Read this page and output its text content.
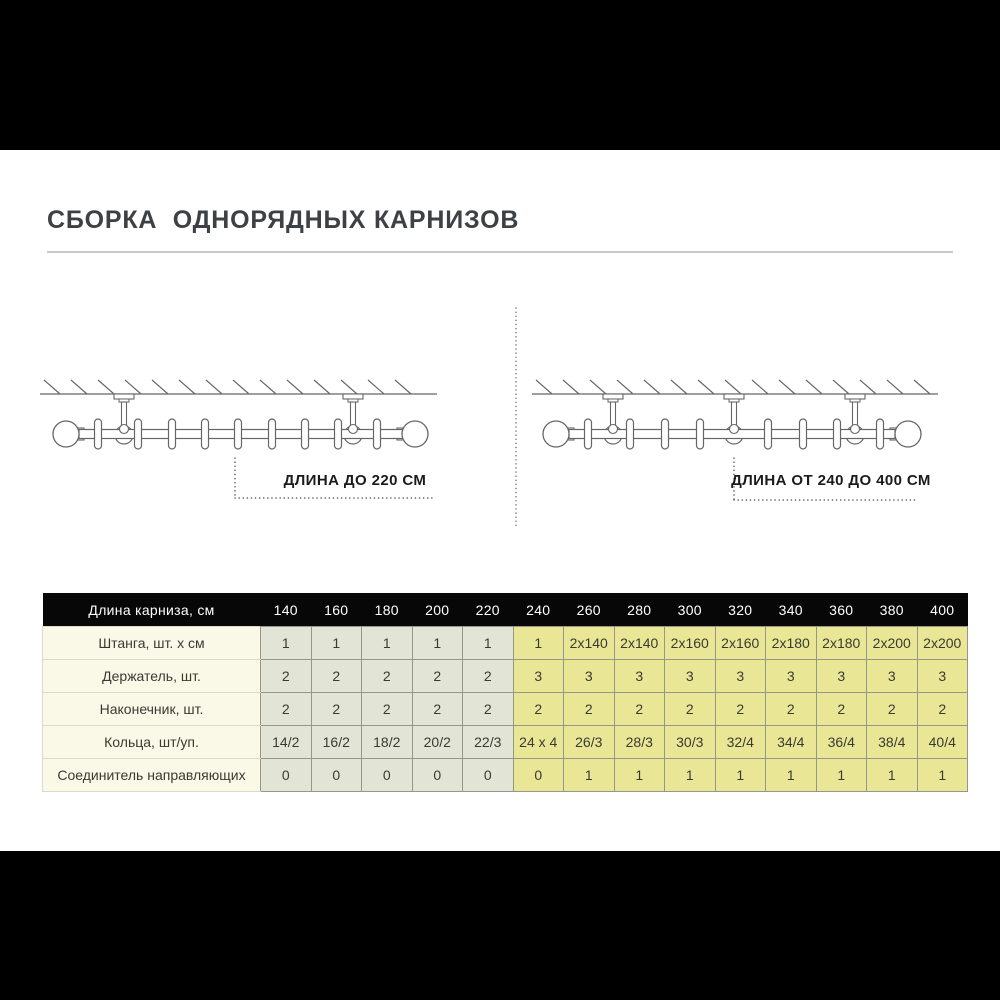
СБОРКА  ОДНОРЯДНЫХ КАРНИЗОВ
ДЛИНА ДО 220 СМ	ДЛИНА ОТ 240 ДО 400 СМ
Длина карниза, см	140	160	180	200	220	240	260	280	300	320	340	360	380	400
Штанга, шт. х см	1	1	1	1	1	1	2x140	2x140	2x160	2x160	2x180	2x180	2x200	2x200
Держатель, шт.	2	2	2	2	2	3	3	3	3	3	3	3	3	3
Наконечник, шт.	2	2	2	2	2	2	2	2	2	2	2	2	2	2
Кольца, шт/уп.	14/2	16/2	18/2	20/2	22/3	24 x 4	26/3	28/3	30/3	32/4	34/4	36/4	38/4	40/4
Соединитель направляющих	0	0	0	0	0	0	1	1	1	1	1	1	1	1
